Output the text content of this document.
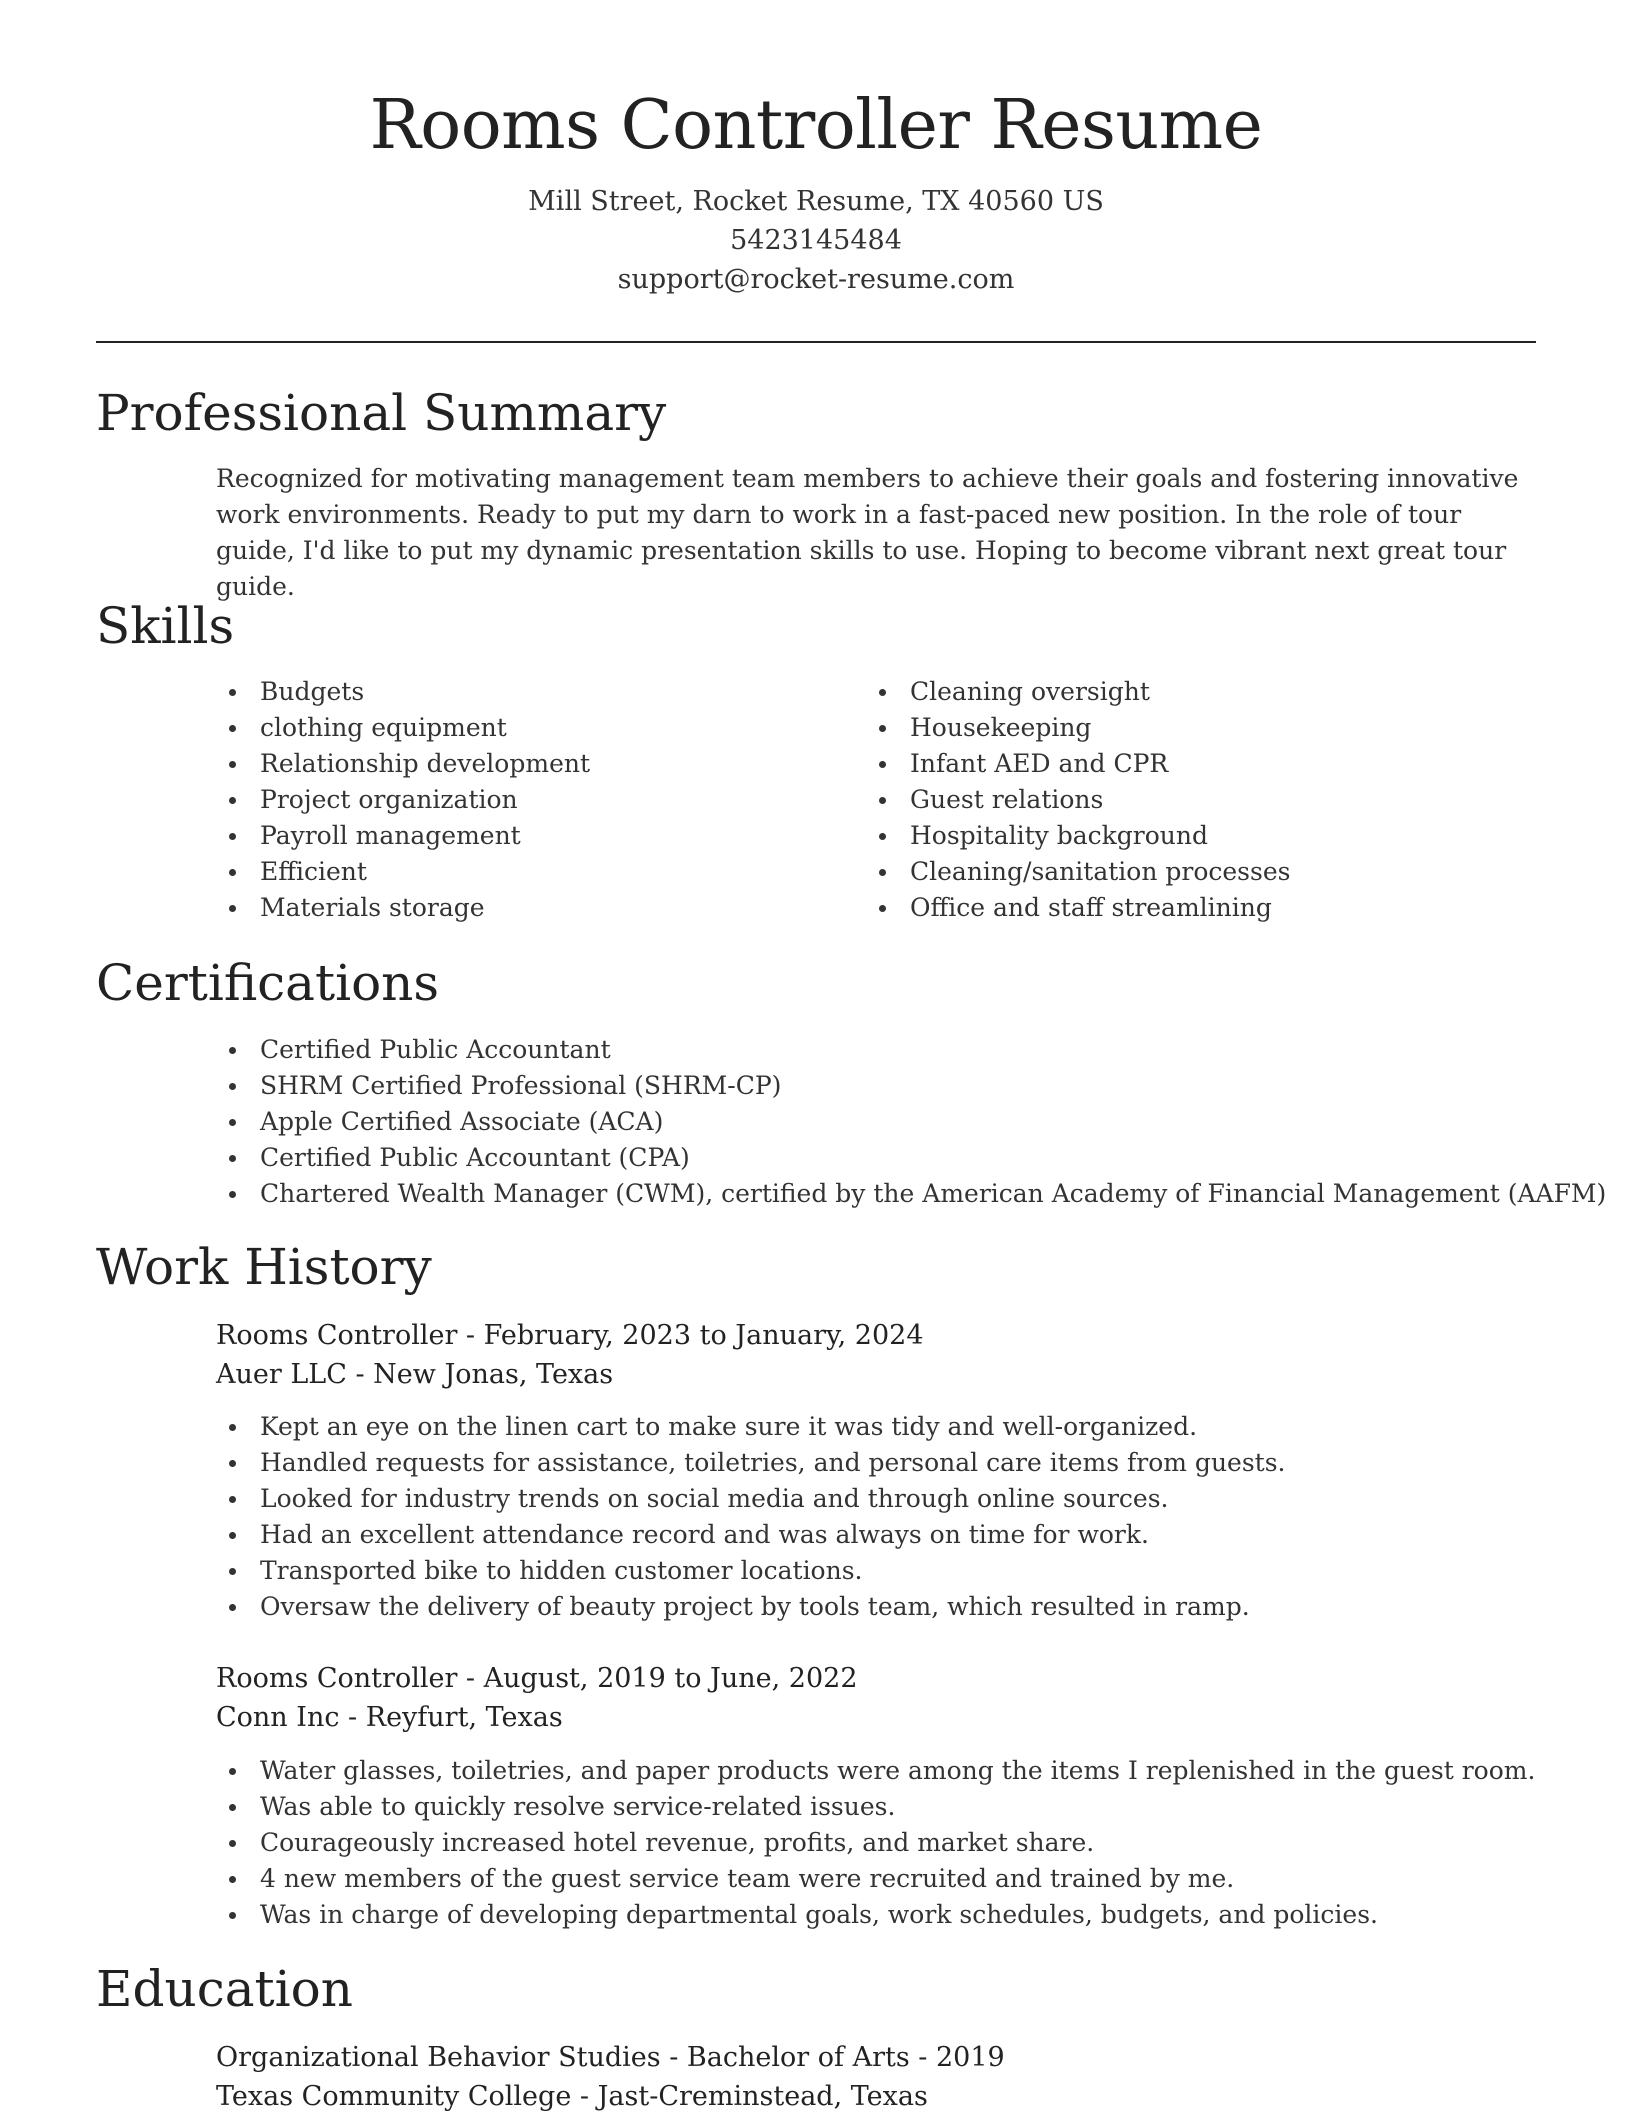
Rooms Controller Resume
Mill Street, Rocket Resume, TX 40560 US
5423145484
support@rocket-resume.com
Professional Summary

Recognized for motivating management team members to achieve their goals and fostering innovative work environments. Ready to put my darn to work in a fast-paced new position. In the role of tour guide, I'd like to put my dynamic presentation skills to use. Hoping to become vibrant next great tour guide.

Skills
Budgets
clothing equipment
Relationship development
Project organization
Payroll management
Efficient
Materials storage
Cleaning oversight
Housekeeping
Infant AED and CPR
Guest relations
Hospitality background
Cleaning/sanitation processes
Office and staff streamlining
Certifications
Certified Public Accountant
SHRM Certified Professional (SHRM-CP)
Apple Certified Associate (ACA)
Certified Public Accountant (CPA)
Chartered Wealth Manager (CWM), certified by the American Academy of Financial Management (AAFM)
Work History
Rooms Controller - February, 2023 to January, 2024
Auer LLC - New Jonas, Texas
Kept an eye on the linen cart to make sure it was tidy and well-organized.
Handled requests for assistance, toiletries, and personal care items from guests.
Looked for industry trends on social media and through online sources.
Had an excellent attendance record and was always on time for work.
Transported bike to hidden customer locations.
Oversaw the delivery of beauty project by tools team, which resulted in ramp.
Rooms Controller - August, 2019 to June, 2022
Conn Inc - Reyfurt, Texas
Water glasses, toiletries, and paper products were among the items I replenished in the guest room.
Was able to quickly resolve service-related issues.
Courageously increased hotel revenue, profits, and market share.
4 new members of the guest service team were recruited and trained by me.
Was in charge of developing departmental goals, work schedules, budgets, and policies.
Education
Organizational Behavior Studies - Bachelor of Arts - 2019
Texas Community College - Jast-Creminstead, Texas
